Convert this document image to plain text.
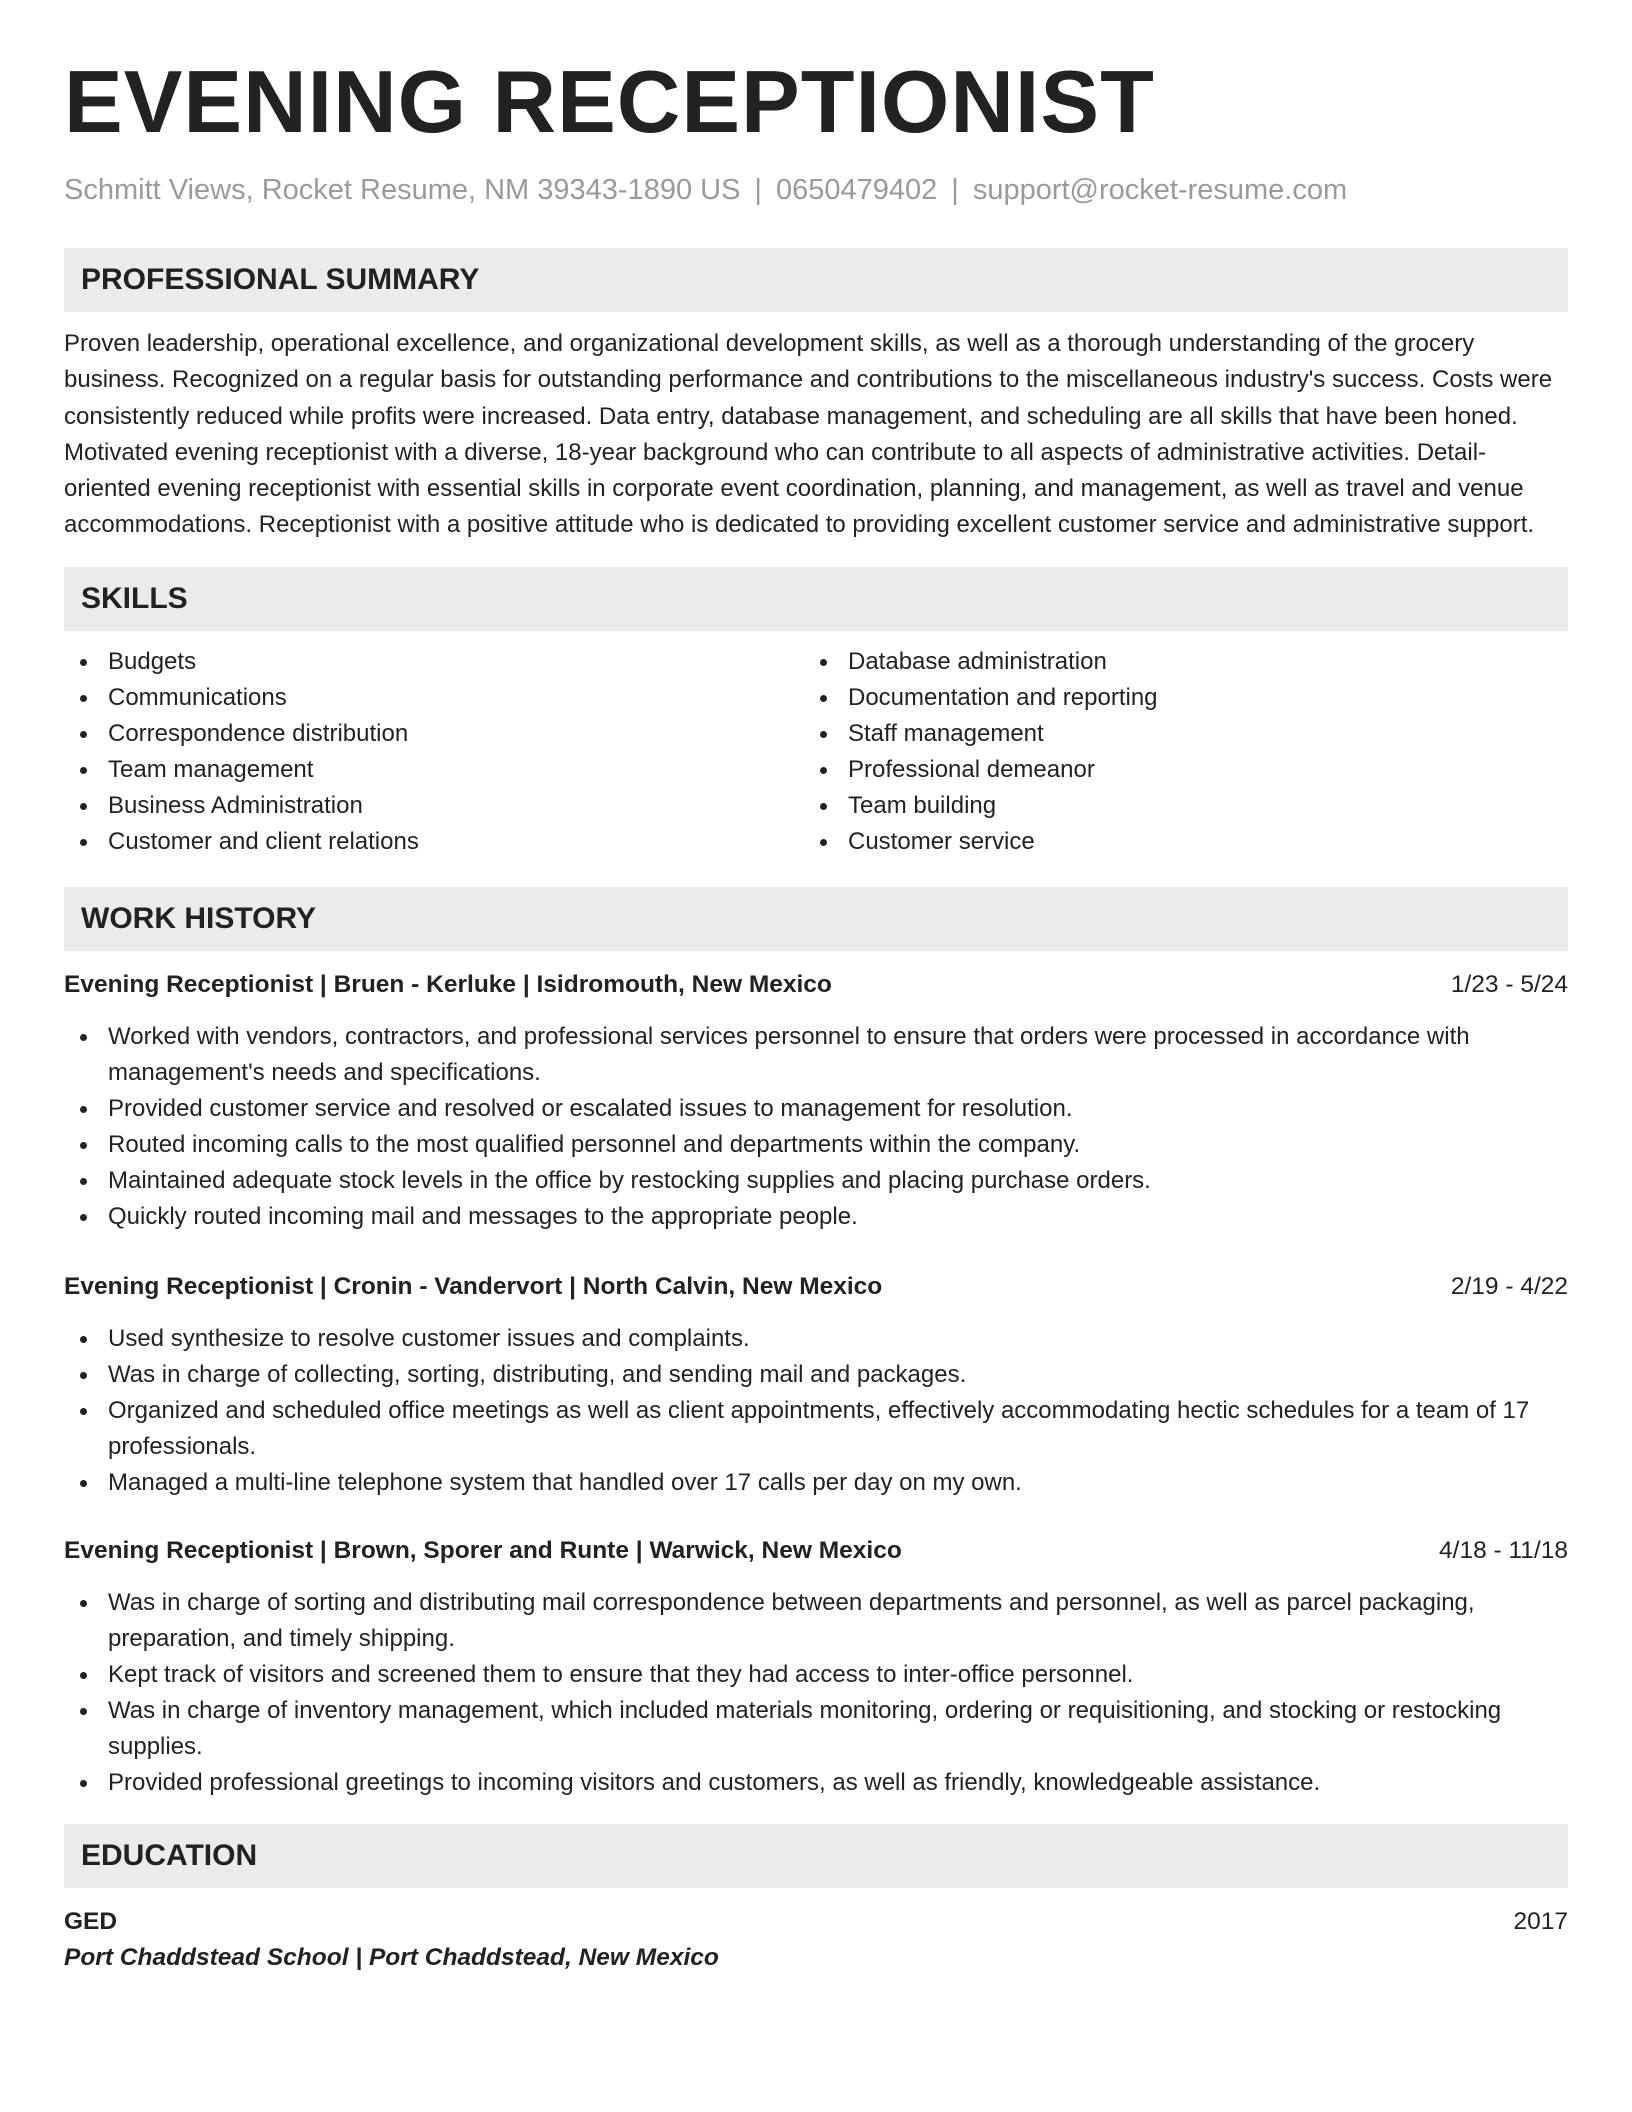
EVENING RECEPTIONIST
Schmitt Views, Rocket Resume, NM 39343-1890 US | 0650479402 | support@rocket-resume.com
PROFESSIONAL SUMMARY

Proven leadership, operational excellence, and organizational development skills, as well as a thorough understanding of the grocery business. Recognized on a regular basis for outstanding performance and contributions to the miscellaneous industry's success. Costs were consistently reduced while profits were increased. Data entry, database management, and scheduling are all skills that have been honed. Motivated evening receptionist with a diverse, 18-year background who can contribute to all aspects of administrative activities. Detail-oriented evening receptionist with essential skills in corporate event coordination, planning, and management, as well as travel and venue accommodations. Receptionist with a positive attitude who is dedicated to providing excellent customer service and administrative support.

SKILLS
Budgets
Communications
Correspondence distribution
Team management
Business Administration
Customer and client relations
Database administration
Documentation and reporting
Staff management
Professional demeanor
Team building
Customer service
WORK HISTORY
Evening Receptionist | Bruen - Kerluke | Isidromouth, New Mexico	1/23 - 5/24
Worked with vendors, contractors, and professional services personnel to ensure that orders were processed in accordance with management's needs and specifications.
Provided customer service and resolved or escalated issues to management for resolution.
Routed incoming calls to the most qualified personnel and departments within the company.
Maintained adequate stock levels in the office by restocking supplies and placing purchase orders.
Quickly routed incoming mail and messages to the appropriate people.
Evening Receptionist | Cronin - Vandervort | North Calvin, New Mexico	2/19 - 4/22
Used synthesize to resolve customer issues and complaints.
Was in charge of collecting, sorting, distributing, and sending mail and packages.
Organized and scheduled office meetings as well as client appointments, effectively accommodating hectic schedules for a team of 17 professionals.
Managed a multi-line telephone system that handled over 17 calls per day on my own.
Evening Receptionist | Brown, Sporer and Runte | Warwick, New Mexico	4/18 - 11/18
Was in charge of sorting and distributing mail correspondence between departments and personnel, as well as parcel packaging, preparation, and timely shipping.
Kept track of visitors and screened them to ensure that they had access to inter-office personnel.
Was in charge of inventory management, which included materials monitoring, ordering or requisitioning, and stocking or restocking supplies.
Provided professional greetings to incoming visitors and customers, as well as friendly, knowledgeable assistance.
EDUCATION
GED	2017
Port Chaddstead School | Port Chaddstead, New Mexico
